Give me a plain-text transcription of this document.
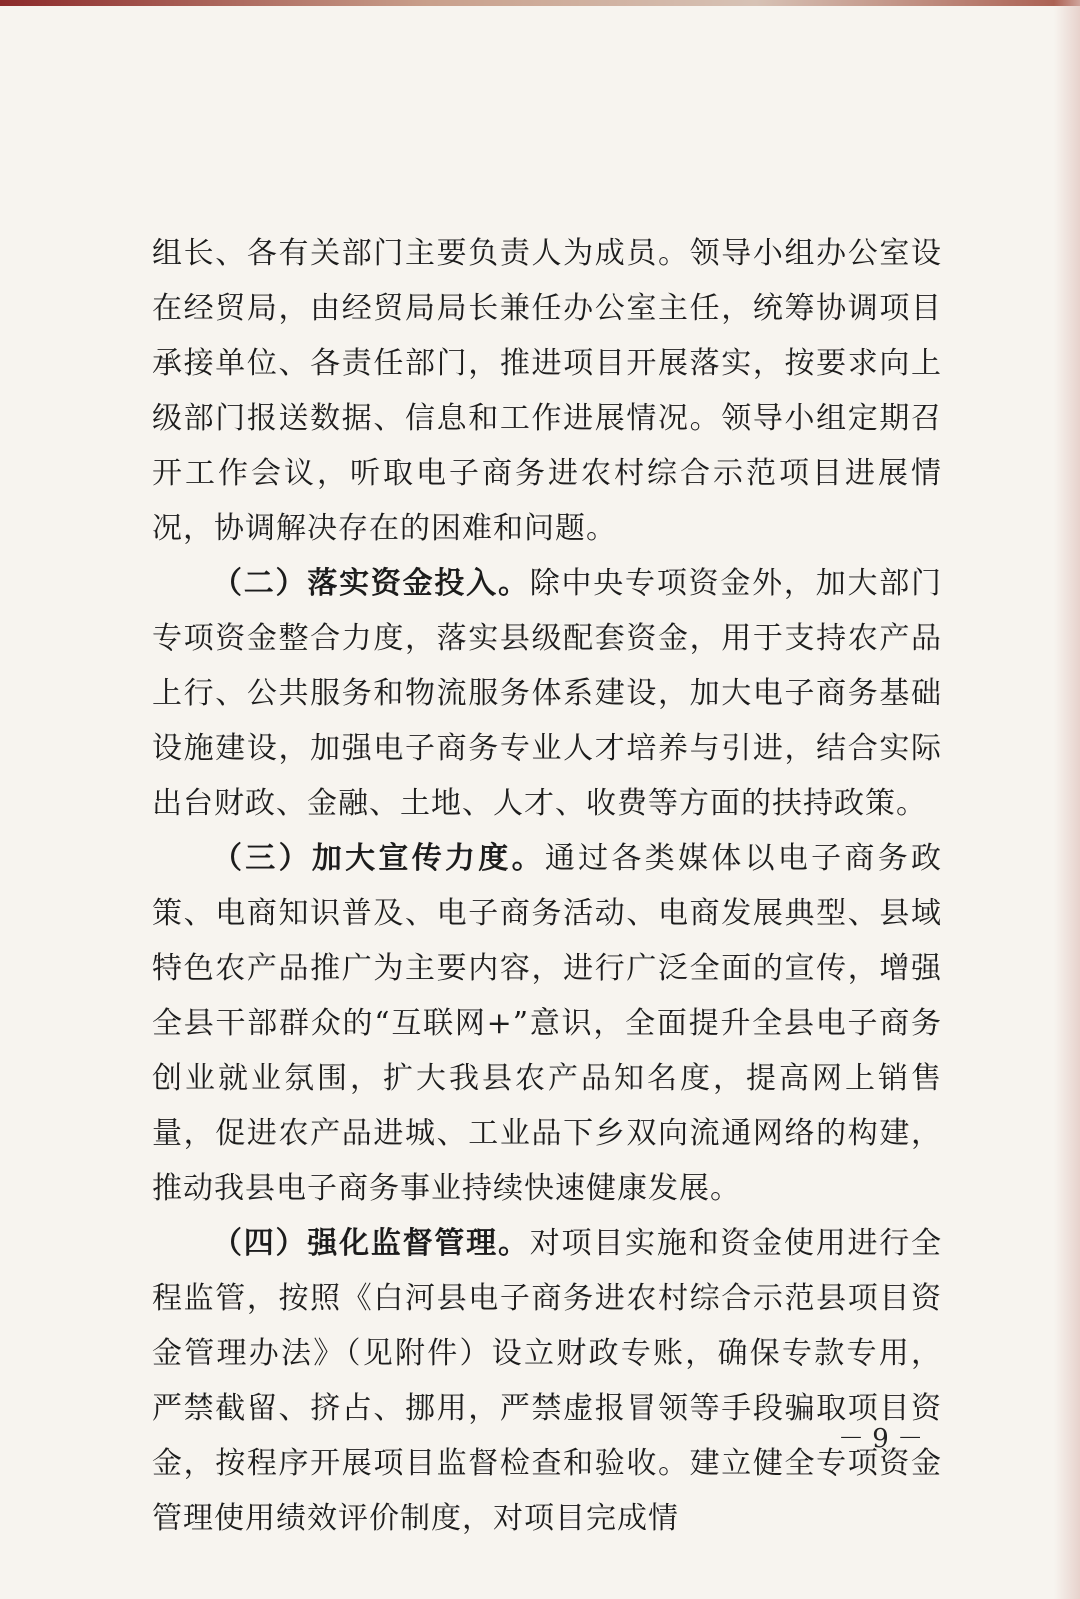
组长、各有关部门主要负责人为成员。领导小组办公室设在经贸局，由经贸局局长兼任办公室主任，统筹协调项目承接单位、各责任部门，推进项目开展落实，按要求向上级部门报送数据、信息和工作进展情况。领导小组定期召开工作会议，听取电子商务进农村综合示范项目进展情况，协调解决存在的困难和问题。

（二）落实资金投入。除中央专项资金外，加大部门专项资金整合力度，落实县级配套资金，用于支持农产品上行、公共服务和物流服务体系建设，加大电子商务基础设施建设，加强电子商务专业人才培养与引进，结合实际出台财政、金融、土地、人才、收费等方面的扶持政策。

（三）加大宣传力度。通过各类媒体以电子商务政策、电商知识普及、电子商务活动、电商发展典型、县域特色农产品推广为主要内容，进行广泛全面的宣传，增强全县干部群众的“互联网+”意识，全面提升全县电子商务创业就业氛围，扩大我县农产品知名度，提高网上销售量，促进农产品进城、工业品下乡双向流通网络的构建，推动我县电子商务事业持续快速健康发展。

（四）强化监督管理。对项目实施和资金使用进行全程监管，按照《白河县电子商务进农村综合示范县项目资金管理办法》（见附件）设立财政专账，确保专款专用，严禁截留、挤占、挪用，严禁虚报冒领等手段骗取项目资金，按程序开展项目监督检查和验收。建立健全专项资金管理使用绩效评价制度，对项目完成情

－ 9 －
